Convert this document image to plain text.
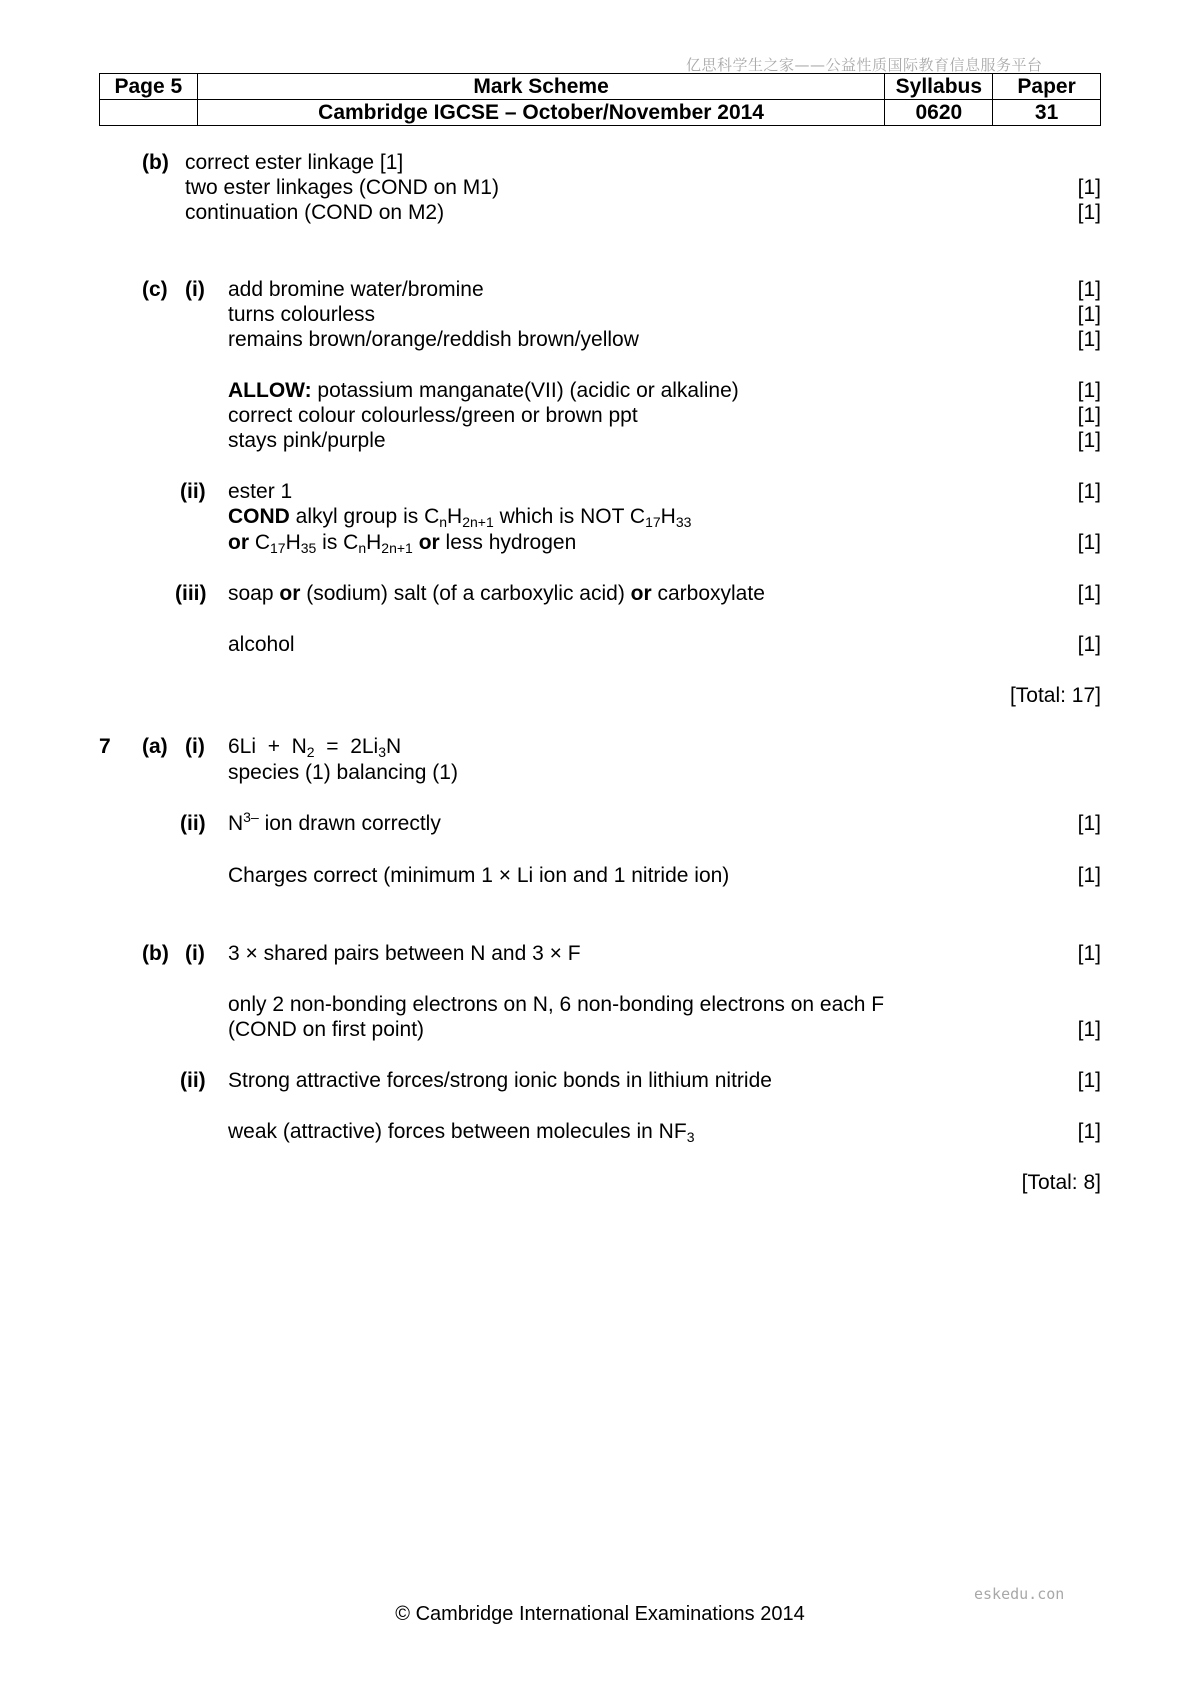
亿思科学生之家——公益性质国际教育信息服务平台
Page 5	Mark Scheme	Syllabus	Paper
	Cambridge IGCSE – October/November 2014	0620	31
(b) correct ester linkage [1]
two ester linkages (COND on M1)	[1]
continuation (COND on M2)	[1]
(c) (i) add bromine water/bromine	[1]
turns colourless	[1]
remains brown/orange/reddish brown/yellow	[1]
ALLOW: potassium manganate(VII) (acidic or alkaline)	[1]
correct colour colourless/green or brown ppt	[1]
stays pink/purple	[1]
(ii) ester 1	[1]
COND alkyl group is $C_nH_{2n+1}$ which is NOT $C_{17}H_{33}$
or $C_{17}H_{35}$ is $C_nH_{2n+1}$ or less hydrogen	[1]
(iii) soap or (sodium) salt (of a carboxylic acid) or carboxylate	[1]
alcohol	[1]
[Total: 17]
7 (a) (i) $6Li + N_2 = 2Li_3N$
species (1) balancing (1)
(ii) $N^{3-}$ ion drawn correctly	[1]
Charges correct (minimum 1 × Li ion and 1 nitride ion)	[1]
(b) (i) 3 × shared pairs between N and 3 × F	[1]
only 2 non-bonding electrons on N, 6 non-bonding electrons on each F
(COND on first point)	[1]
(ii) Strong attractive forces/strong ionic bonds in lithium nitride	[1]
weak (attractive) forces between molecules in $NF_3$	[1]
[Total: 8]
eskedu.con
© Cambridge International Examinations 2014
